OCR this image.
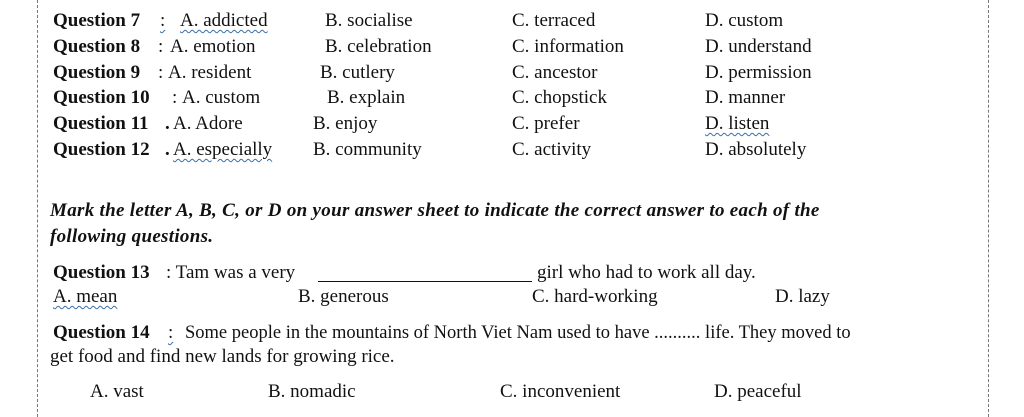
Question 7 : A. addicted	B. socialise	C. terraced	D. custom
Question 8 : A. emotion	B. celebration	C. information	D. understand
Question 9 : A. resident	B. cutlery	C. ancestor	D. permission
Question 10 : A. custom	B. explain	C. chopstick	D. manner
Question 11 . A. Adore	B. enjoy	C. prefer	D. listen
Question 12 . A. especially B. community	C. activity	D. absolutely
Mark the letter A, B, C, or D on your answer sheet to indicate the correct answer to each of the
following questions.
Question 13 : Tam was a very	girl who had to work all day.
A. mean	B. generous	C. hard-working	D. lazy
Question 14 : Some people in the mountains of North Viet Nam used to have .......... life. They moved to
get food and find new lands for growing rice.
A. vast	B. nomadic	C. inconvenient	D. peaceful
